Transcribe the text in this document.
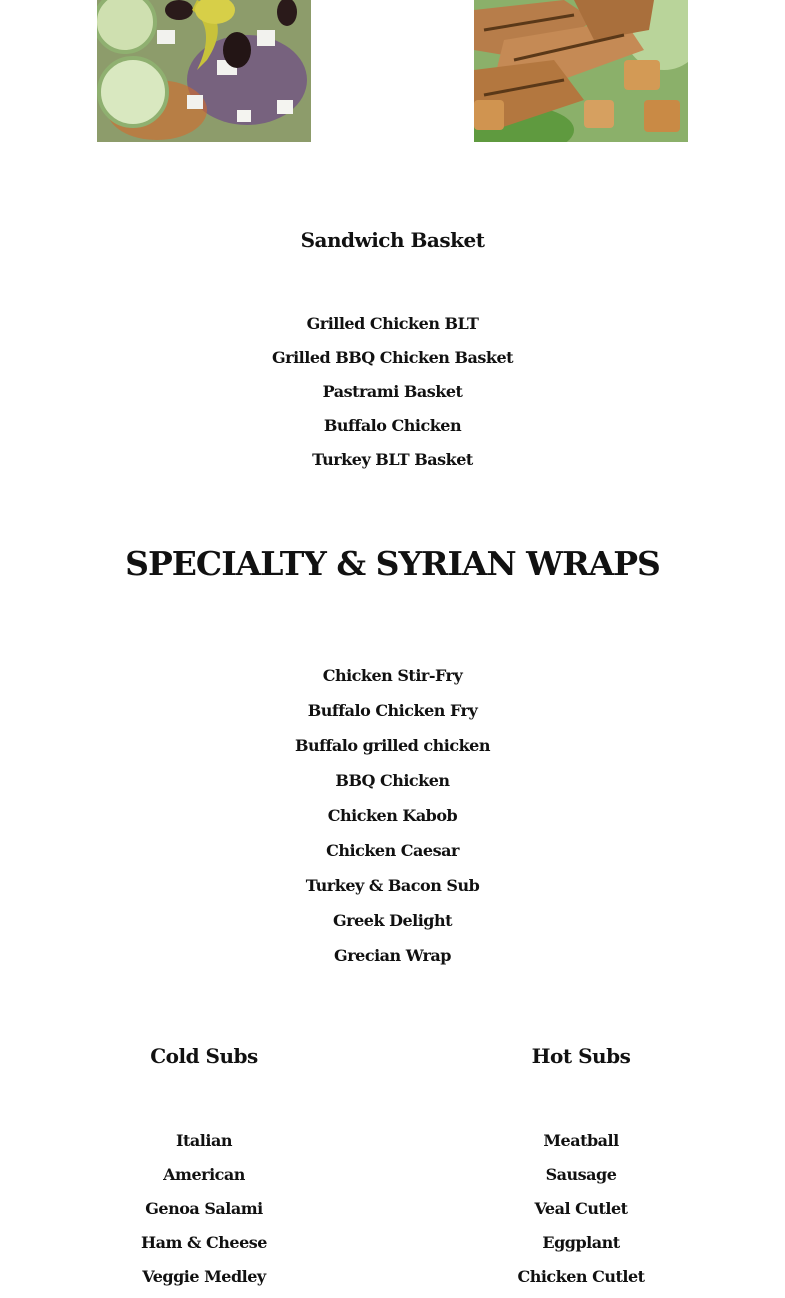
Sandwich Basket
Grilled Chicken BLT
Grilled BBQ Chicken Basket
Pastrami Basket
Buffalo Chicken
Turkey BLT Basket
SPECIALTY & SYRIAN WRAPS
Chicken Stir-Fry
Buffalo Chicken Fry
Buffalo grilled chicken
BBQ Chicken
Chicken Kabob
Chicken Caesar
Turkey & Bacon Sub
Greek Delight
Grecian Wrap
Cold Subs
Italian
American
Genoa Salami
Ham & Cheese
Veggie Medley
Hot Subs
Meatball
Sausage
Veal Cutlet
Eggplant
Chicken Cutlet
